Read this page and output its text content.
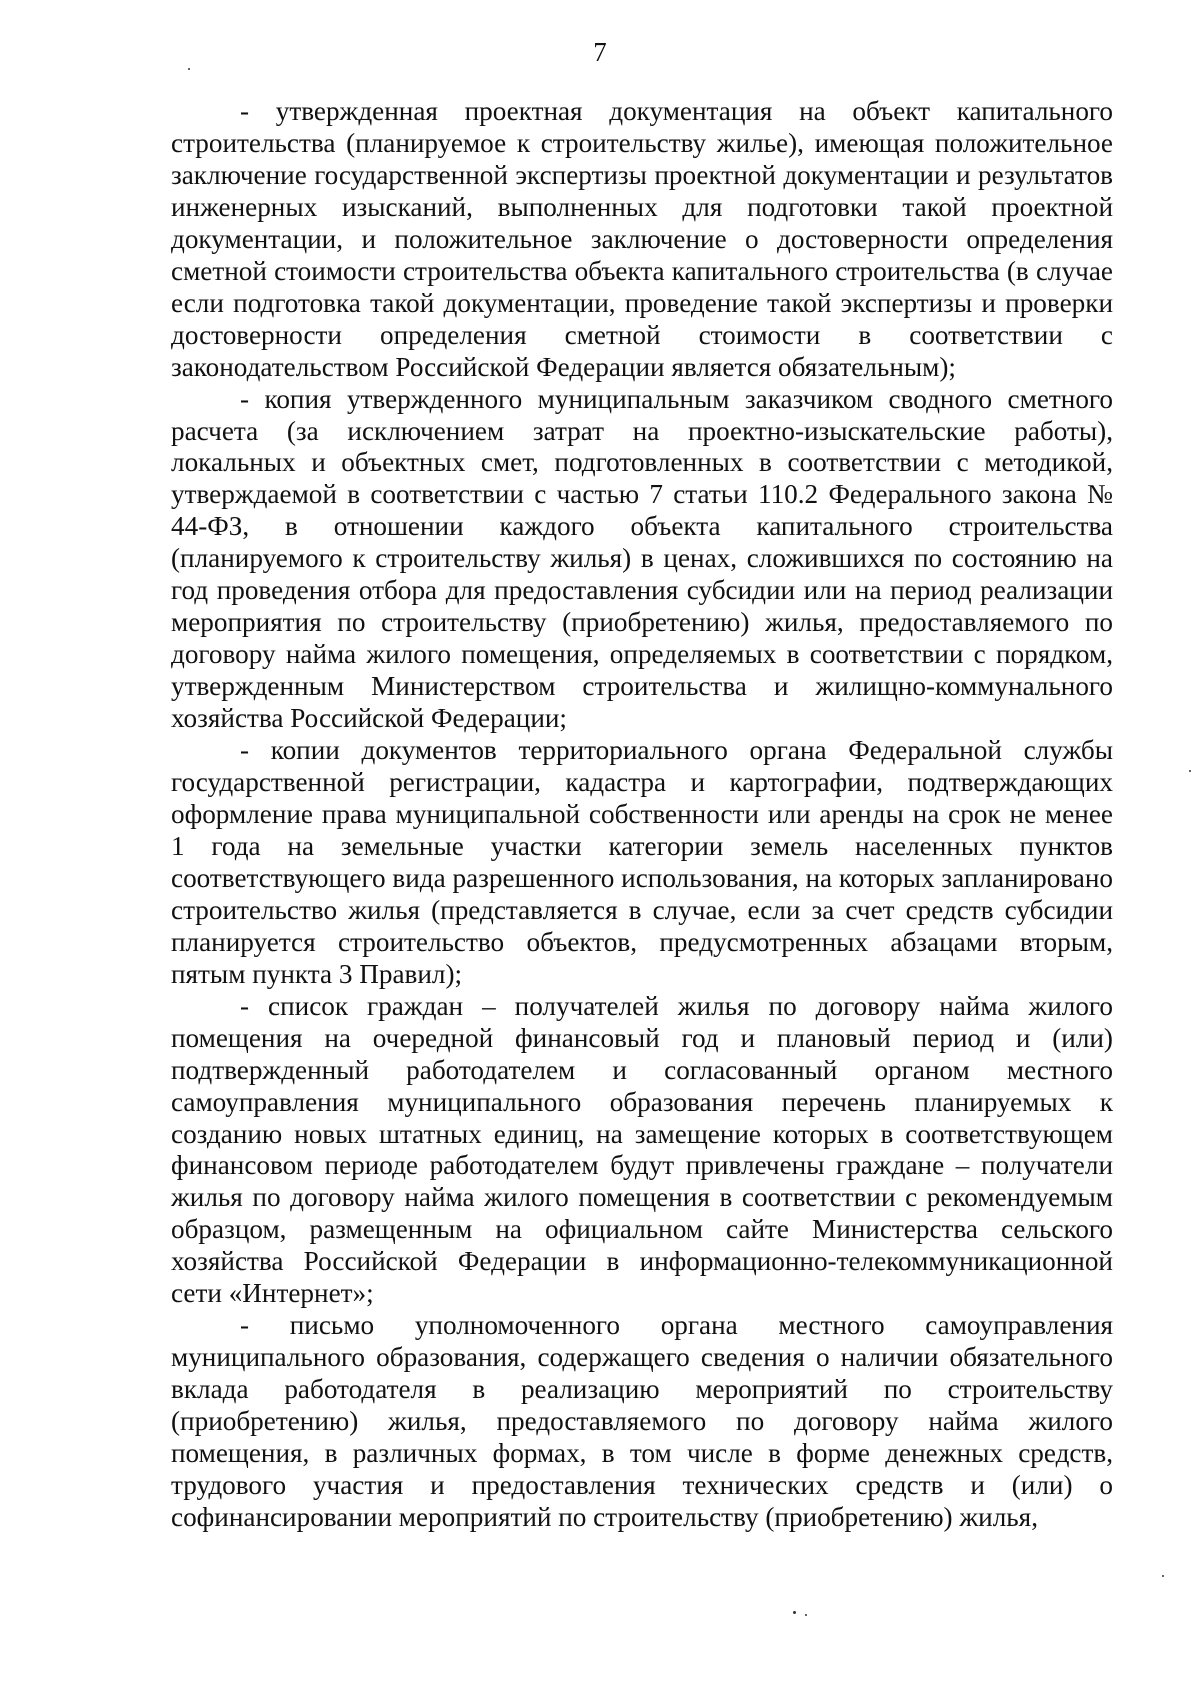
7

- утвержденная проектная документация на объект капитального строительства (планируемое к строительству жилье), имеющая положительное заключение государственной экспертизы проектной документации и результатов инженерных изысканий, выполненных для подготовки такой проектной документации, и положительное заключение о достоверности определения сметной стоимости строительства объекта капитального строительства (в случае если подготовка такой документации, проведение такой экспертизы и проверки достоверности определения сметной стоимости в соответствии с законодательством Российской Федерации является обязательным);

- копия утвержденного муниципальным заказчиком сводного сметного расчета (за исключением затрат на проектно-изыскательские работы), локальных и объектных смет, подготовленных в соответствии с методикой, утверждаемой в соответствии с частью 7 статьи 110.2 Федерального закона № 44-ФЗ, в отношении каждого объекта капитального строительства (планируемого к строительству жилья) в ценах, сложившихся по состоянию на год проведения отбора для предоставления субсидии или на период реализации мероприятия по строительству (приобретению) жилья, предоставляемого по договору найма жилого помещения, определяемых в соответствии с порядком, утвержденным Министерством строительства и жилищно-коммунального хозяйства Российской Федерации;

- копии документов территориального органа Федеральной службы государственной регистрации, кадастра и картографии, подтверждающих оформление права муниципальной собственности или аренды на срок не менее 1 года на земельные участки категории земель населенных пунктов соответствующего вида разрешенного использования, на которых запланировано строительство жилья (представляется в случае, если за счет средств субсидии планируется строительство объектов, предусмотренных абзацами вторым, пятым пункта 3 Правил);

- список граждан – получателей жилья по договору найма жилого помещения на очередной финансовый год и плановый период и (или) подтвержденный работодателем и согласованный органом местного самоуправления муниципального образования перечень планируемых к созданию новых штатных единиц, на замещение которых в соответствующем финансовом периоде работодателем будут привлечены граждане – получатели жилья по договору найма жилого помещения в соответствии с рекомендуемым образцом, размещенным на официальном сайте Министерства сельского хозяйства Российской Федерации в информационно-телекоммуникационной сети «Интернет»;

- письмо уполномоченного органа местного самоуправления муниципального образования, содержащего сведения о наличии обязательного вклада работодателя в реализацию мероприятий по строительству (приобретению) жилья, предоставляемого по договору найма жилого помещения, в различных формах, в том числе в форме денежных средств, трудового участия и предоставления технических средств и (или) о софинансировании мероприятий по строительству (приобретению) жилья,
